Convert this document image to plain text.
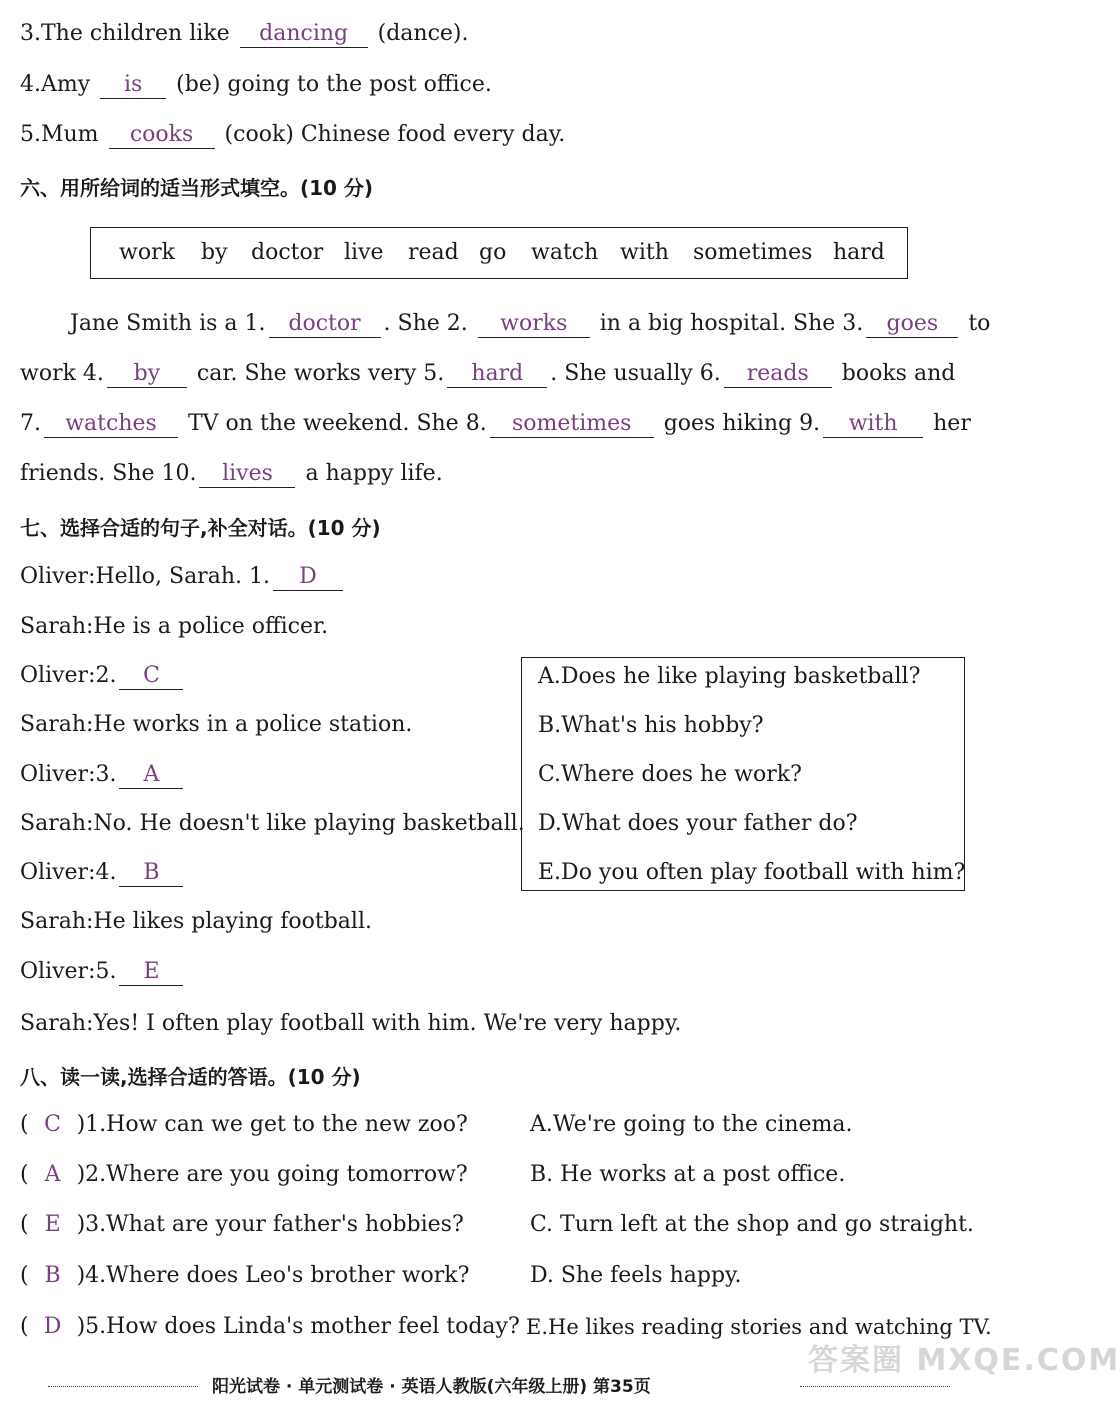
3.The children like dancing (dance).
4.Amy is (be) going to the post office.
5.Mum cooks (cook) Chinese food every day.
六、用所给词的适当形式填空。(10 分)
work by doctor live read go watch with sometimes hard
Jane Smith is a 1. doctor . She 2. works in a big hospital. She 3. goes to
work 4. by car. She works very 5. hard . She usually 6. reads books and
7. watches TV on the weekend. She 8. sometimes goes hiking 9. with her
friends. She 10. lives a happy life.
七、选择合适的句子,补全对话。(10 分)
Oliver:Hello, Sarah. 1. D
Sarah:He is a police officer.
Oliver:2. C
Sarah:He works in a police station.
Oliver:3. A
Sarah:No. He doesn't like playing basketball.
Oliver:4. B
Sarah:He likes playing football.
Oliver:5. E
Sarah:Yes! I often play football with him. We're very happy.
A.Does he like playing basketball?
B.What's his hobby?
C.Where does he work?
D.What does your father do?
E.Do you often play football with him?
八、读一读,选择合适的答语。(10 分)
( C )1.How can we get to the new zoo?	A.We're going to the cinema.
( A )2.Where are you going tomorrow?	B. He works at a post office.
( E )3.What are your father's hobbies?	C. Turn left at the shop and go straight.
( B )4.Where does Leo's brother work?	D. She feels happy.
( D )5.How does Linda's mother feel today? E.He likes reading stories and watching TV.
答案圈 MXQE.COM
阳光试卷 · 单元测试卷 · 英语人教版(六年级上册) 第35页
